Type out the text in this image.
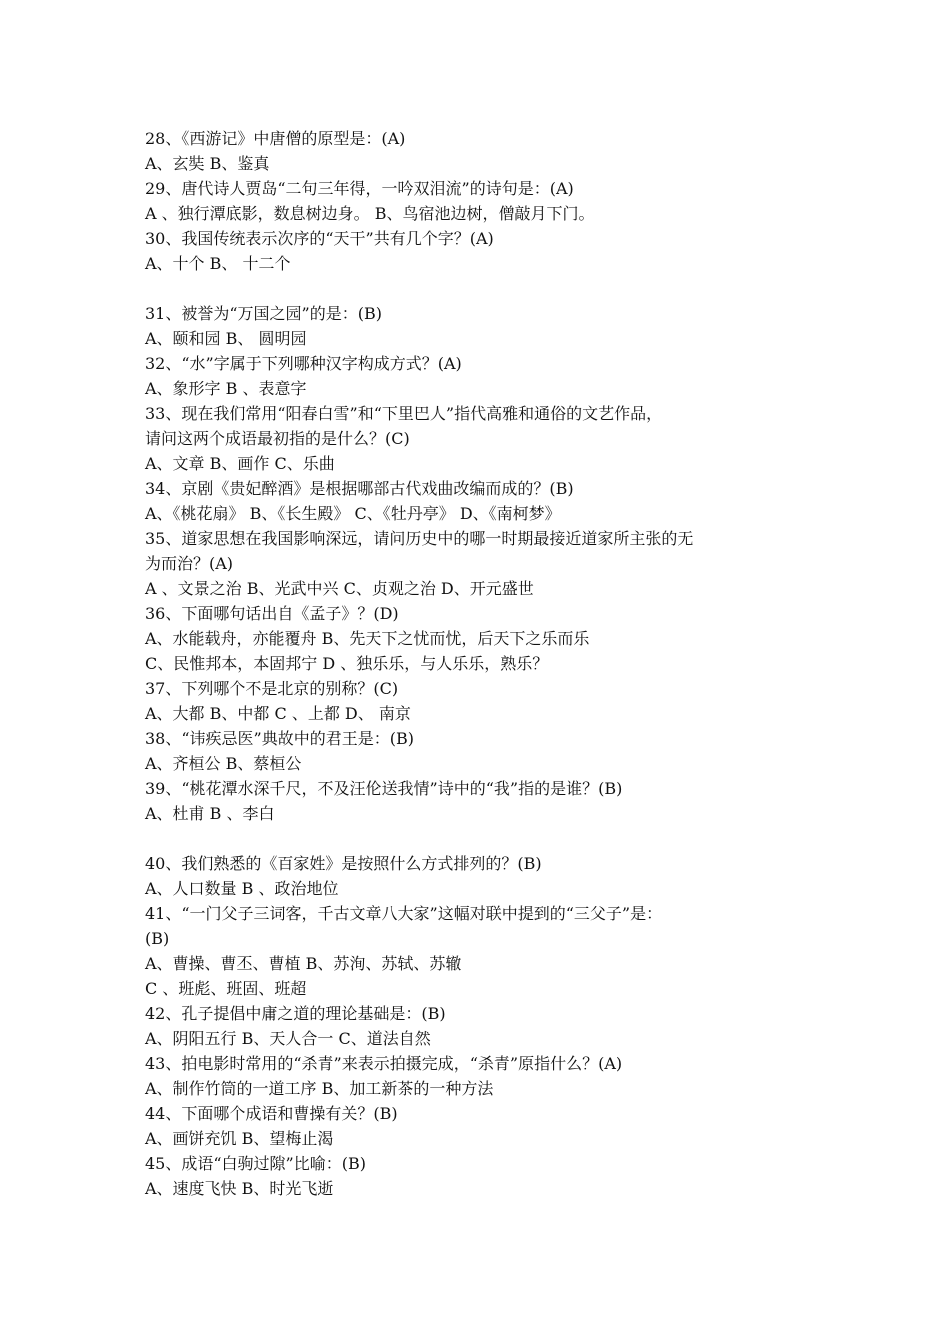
28、《西游记》中唐僧的原型是：(A)
A、玄奘 B、鉴真
29、唐代诗人贾岛“二句三年得，一吟双泪流”的诗句是：(A)
A 、独行潭底影，数息树边身。 B、鸟宿池边树，僧敲月下门。
30、我国传统表示次序的“天干”共有几个字？(A)
A、十个 B、 十二个
31、被誉为“万国之园”的是：(B)
A、颐和园 B、 圆明园
32、“水”字属于下列哪种汉字构成方式？(A)
A、象形字 B 、表意字
33、现在我们常用“阳春白雪”和“下里巴人”指代高雅和通俗的文艺作品，
请问这两个成语最初指的是什么？(C)
A、文章 B、画作 C、乐曲
34、京剧《贵妃醉酒》是根据哪部古代戏曲改编而成的？(B)
A、《桃花扇》 B、《长生殿》 C、《牡丹亭》 D、《南柯梦》
35、道家思想在我国影响深远，请问历史中的哪一时期最接近道家所主张的无
为而治？(A)
A 、文景之治 B、光武中兴 C、贞观之治 D、开元盛世
36、下面哪句话出自《孟子》？(D)
A、水能载舟，亦能覆舟 B、先天下之忧而忧，后天下之乐而乐
C、民惟邦本，本固邦宁 D 、独乐乐，与人乐乐，熟乐？
37、下列哪个不是北京的别称？(C)
A、大都 B、中都 C 、上都 D、 南京
38、“讳疾忌医”典故中的君王是：(B)
A、齐桓公 B、蔡桓公
39、“桃花潭水深千尺，不及汪伦送我情”诗中的“我”指的是谁？(B)
A、杜甫 B 、李白
40、我们熟悉的《百家姓》是按照什么方式排列的？(B)
A、人口数量 B 、政治地位
41、“一门父子三词客，千古文章八大家”这幅对联中提到的“三父子”是：
(B)
A、曹操、曹丕、曹植 B、苏洵、苏轼、苏辙
C 、班彪、班固、班超
42、孔子提倡中庸之道的理论基础是：(B)
A、阴阳五行 B、天人合一 C、道法自然
43、拍电影时常用的“杀青”来表示拍摄完成，“杀青”原指什么？(A)
A、制作竹筒的一道工序 B、加工新茶的一种方法
44、下面哪个成语和曹操有关？(B)
A、画饼充饥 B、望梅止渴
45、成语“白驹过隙”比喻：(B)
A、速度飞快 B、时光飞逝
